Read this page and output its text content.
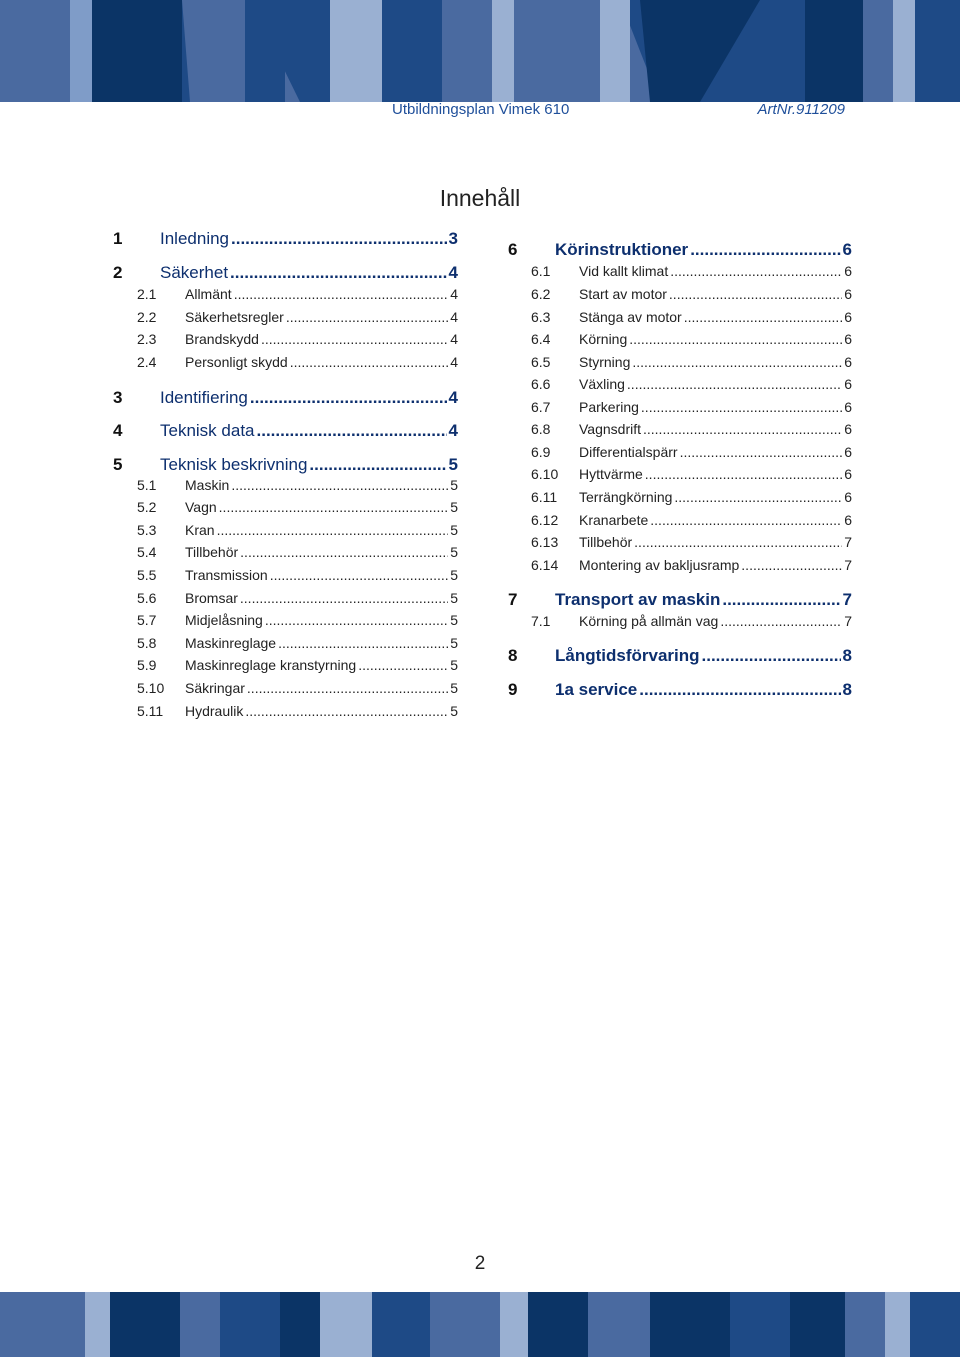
Utbildningsplan Vimek 610	ArtNr.911209
Innehåll
1	Inledning .....	3
2	Säkerhet .....	4
2.1	Allmänt .....	4
2.2	Säkerhetsregler .....	4
2.3	Brandskydd .....	4
2.4	Personligt skydd .....	4
3	Identifiering .....	4
4	Teknisk data .....	4
5	Teknisk beskrivning .....	5
5.1	Maskin .....	5
5.2	Vagn .....	5
5.3	Kran .....	5
5.4	Tillbehör .....	5
5.5	Transmission .....	5
5.6	Bromsar .....	5
5.7	Midjelåsning .....	5
5.8	Maskinreglage .....	5
5.9	Maskinreglage kranstyrning .....	5
5.10	Säkringar .....	5
5.11	Hydraulik .....	5
6	Körinstruktioner .....	6
6.1	Vid kallt klimat .....	6
6.2	Start av motor .....	6
6.3	Stänga av motor .....	6
6.4	Körning .....	6
6.5	Styrning .....	6
6.6	Växling .....	6
6.7	Parkering .....	6
6.8	Vagnsdrift .....	6
6.9	Differentialspärr .....	6
6.10	Hyttvärme .....	6
6.11	Terrängkörning .....	6
6.12	Kranarbete .....	6
6.13	Tillbehör .....	7
6.14	Montering av bakljusramp .....	7
7	Transport av maskin .....	7
7.1	Körning på allmän vag .....	7
8	Långtidsförvaring .....	8
9	1a service .....	8
2
